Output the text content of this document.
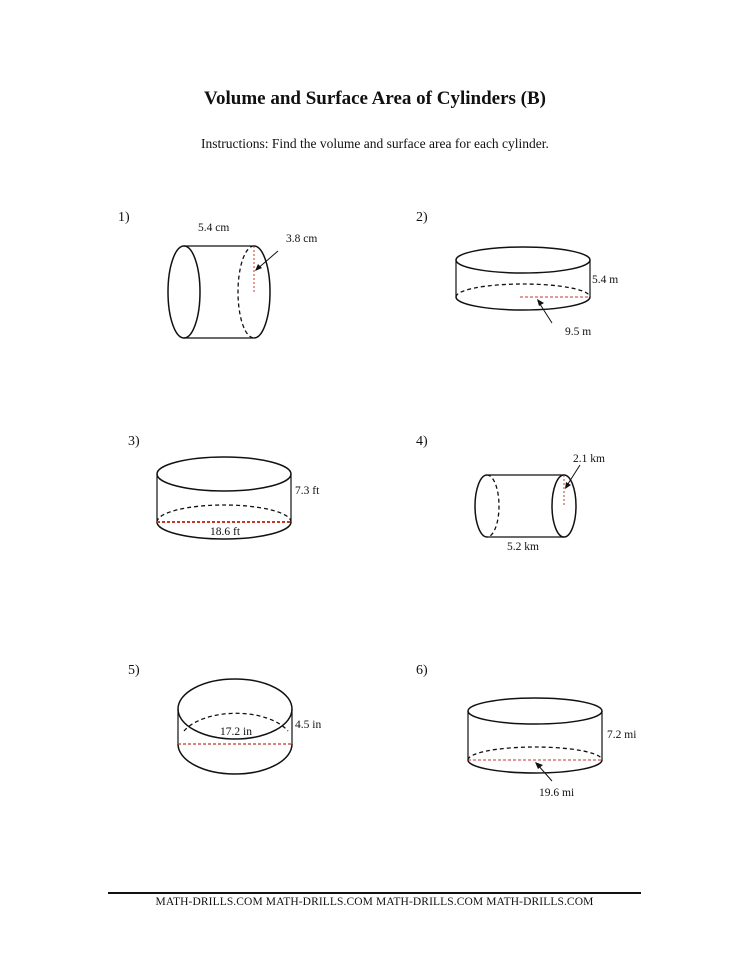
Volume and Surface Area of Cylinders (B)
Instructions: Find the volume and surface area for each cylinder.
1)
5.4 cm
3.8 cm
2)
5.4 m
9.5 m
3)
7.3 ft
18.6 ft
4)
2.1 km
5.2 km
5)
17.2 in
4.5 in
6)
7.2 mi
19.6 mi
MATH-DRILLS.COM MATH-DRILLS.COM MATH-DRILLS.COM MATH-DRILLS.COM
